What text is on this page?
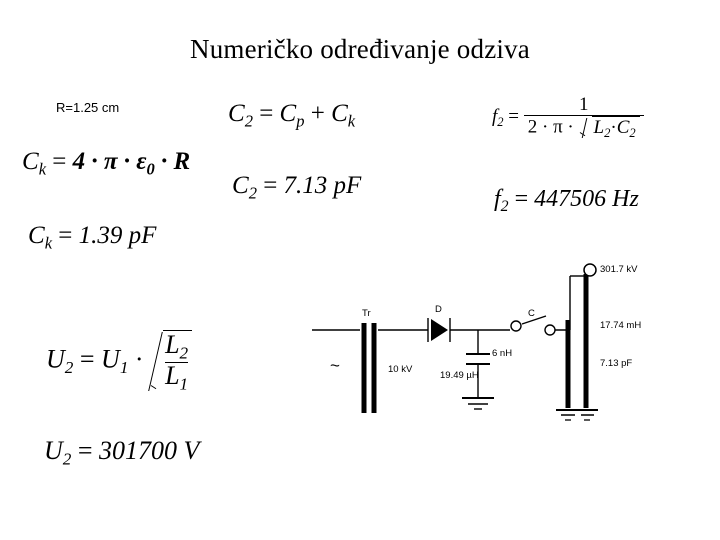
Numeričko određivanje odziva
R=1.25 cm
$C_k = 4 \cdot \pi \cdot \varepsilon_0 \cdot R$
$C_k = 1.39$ pF
$C_2 = C_p + C_k$
$C_2 = 7.13$ pF
$f_2 = \frac{1}{2 \cdot \pi \cdot L_2\cdot C_2}$
$f_2 = 447506$ Hz
$U_2 = U_1 \cdot \frac{L_2}{L_1}$
$U_2 = 301700$ V
~
Tr
10 kV
D
6 nH
19.49 µH
C
301.7 kV
17.74 mH
7.13 pF
